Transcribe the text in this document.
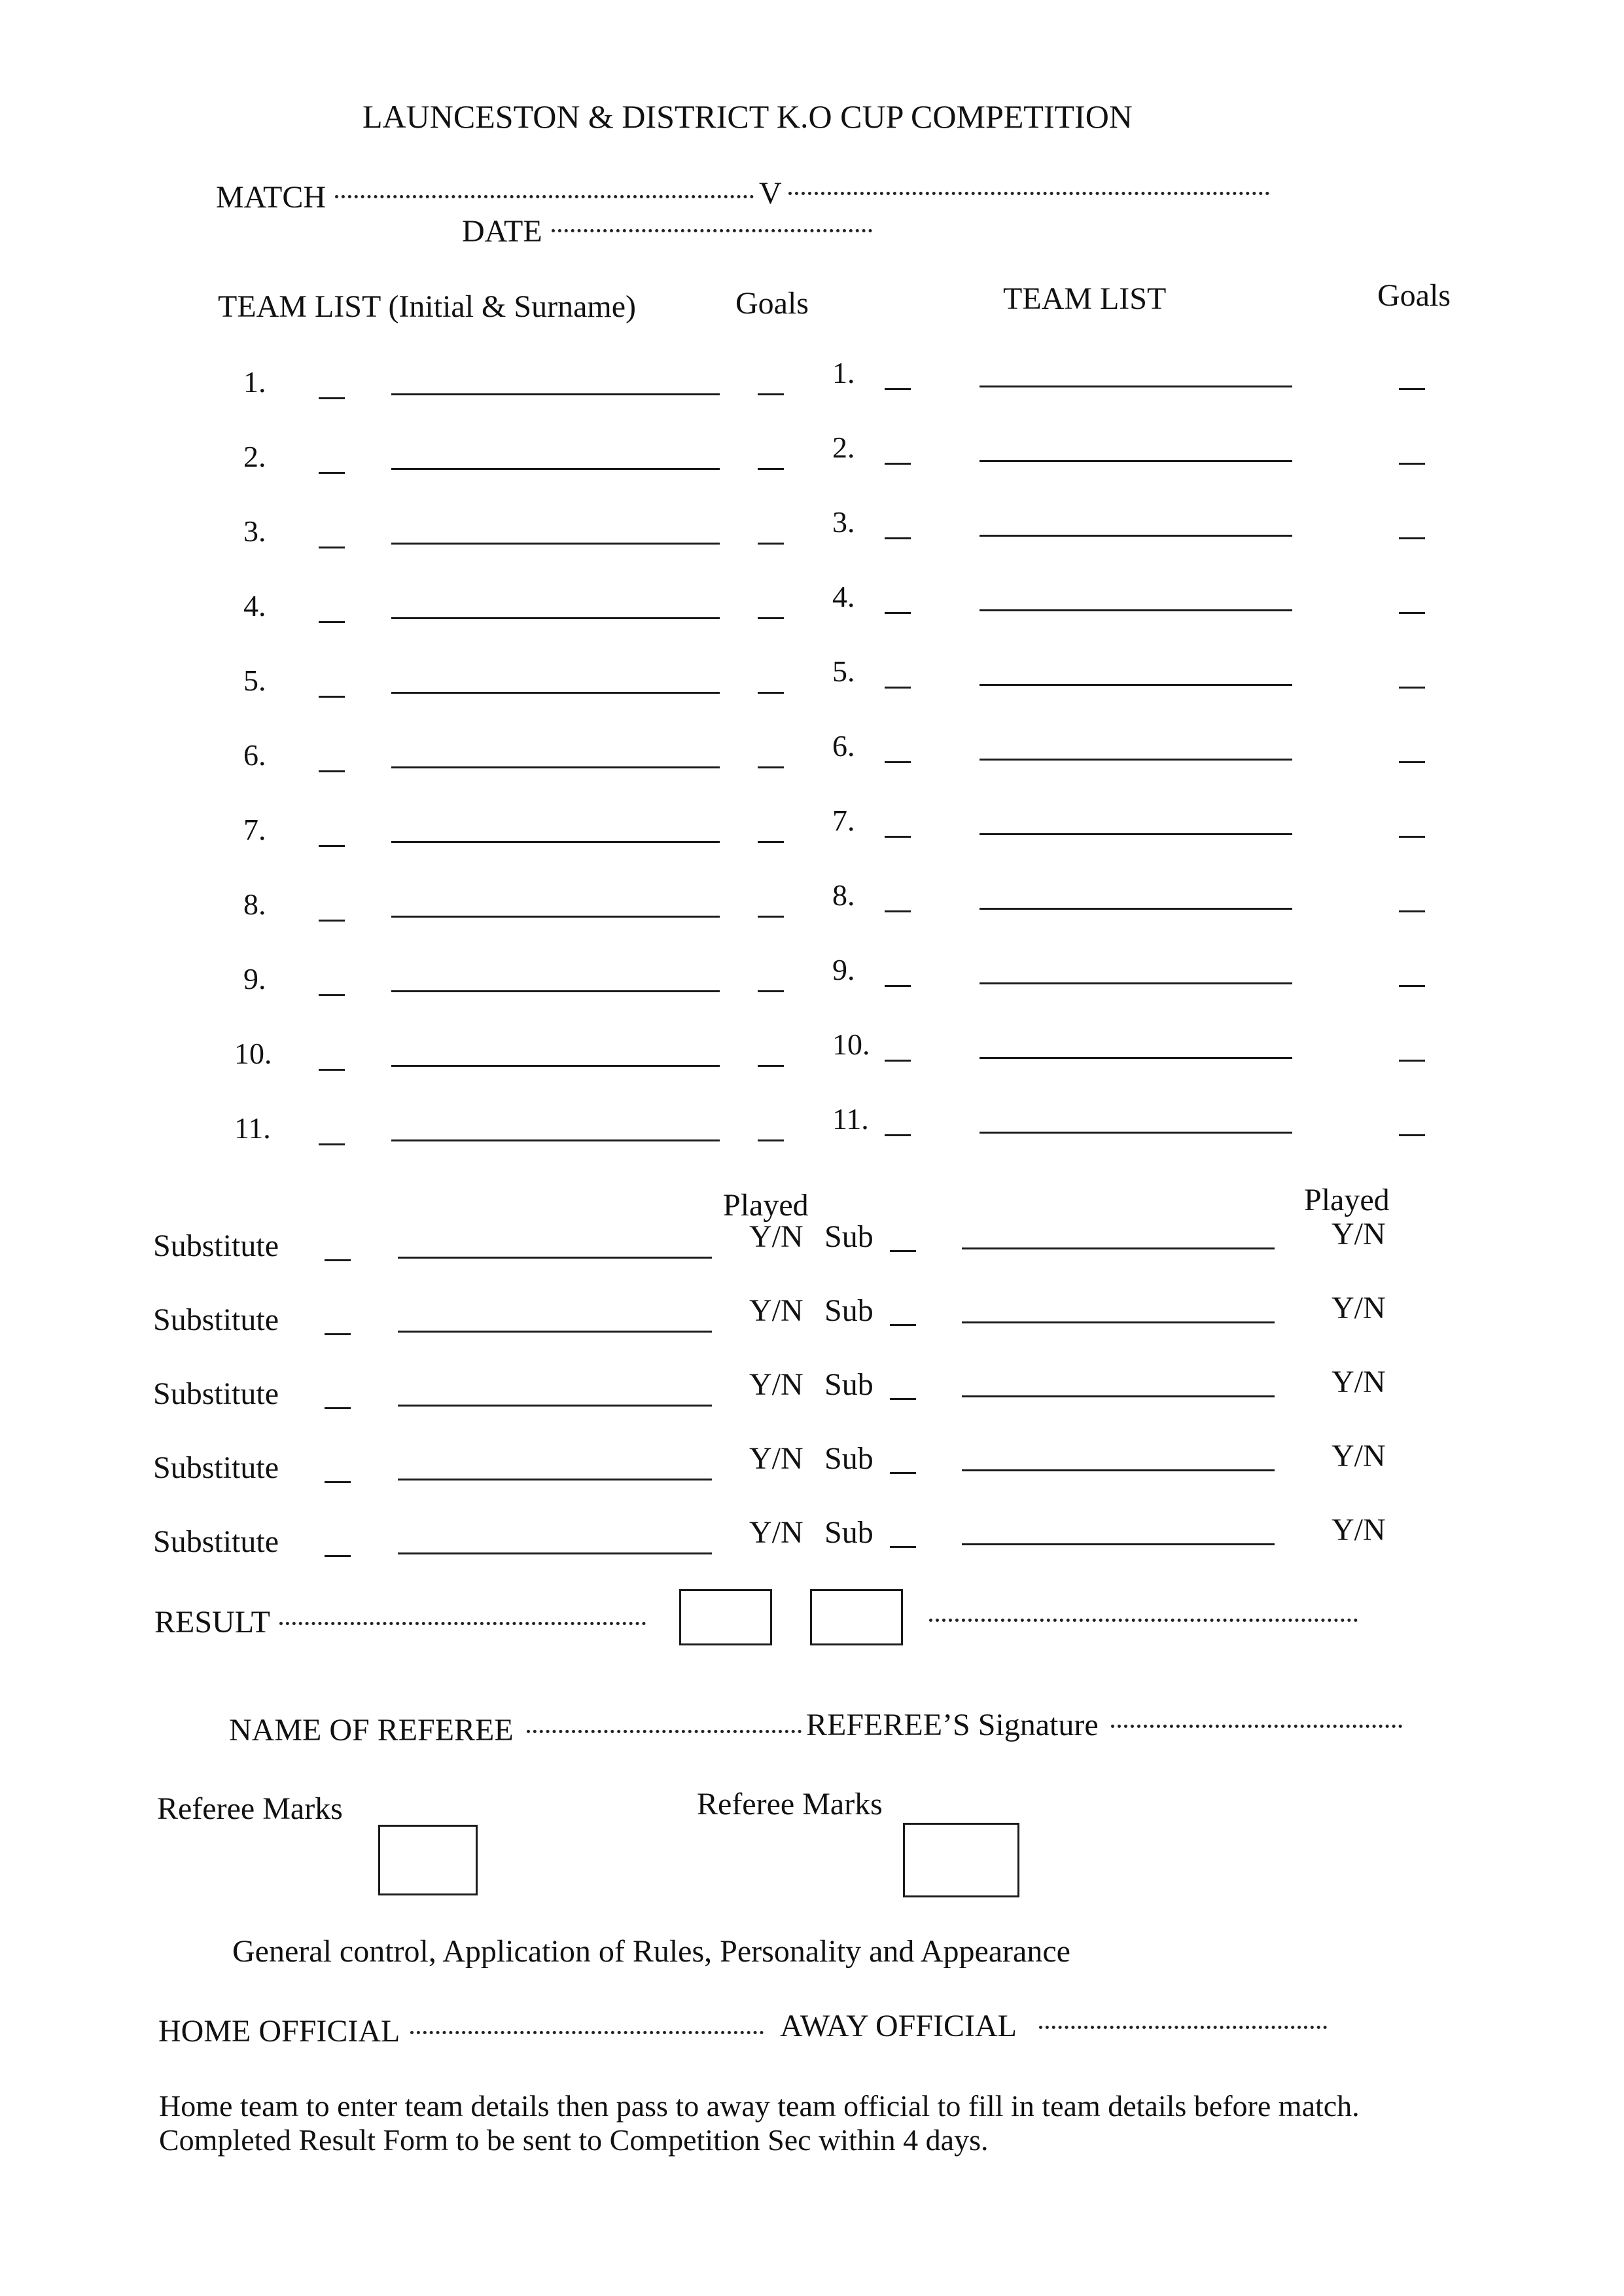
LAUNCESTON & DISTRICT K.O CUP COMPETITION
MATCH	V
DATE
TEAM LIST (Initial & Surname)	Goals	TEAM LIST	Goals
1.	1.
2.	2.
3.	3.
4.	4.
5.	5.
6.	6.
7.	7.
8.	8.
9.	9.
10.	10.
11.	11.
Played	Played
Substitute	Y/N Sub	Y/N
Substitute	Y/N Sub	Y/N
Substitute	Y/N Sub	Y/N
Substitute	Y/N Sub	Y/N
Substitute	Y/N Sub	Y/N
RESULT
NAME OF REFEREE	REFEREE’S Signature
Referee Marks	Referee Marks
General control, Application of Rules, Personality and Appearance
HOME OFFICIAL	AWAY OFFICIAL
Home team to enter team details then pass to away team official to fill in team details before match.
Completed Result Form to be sent to Competition Sec within 4 days.
